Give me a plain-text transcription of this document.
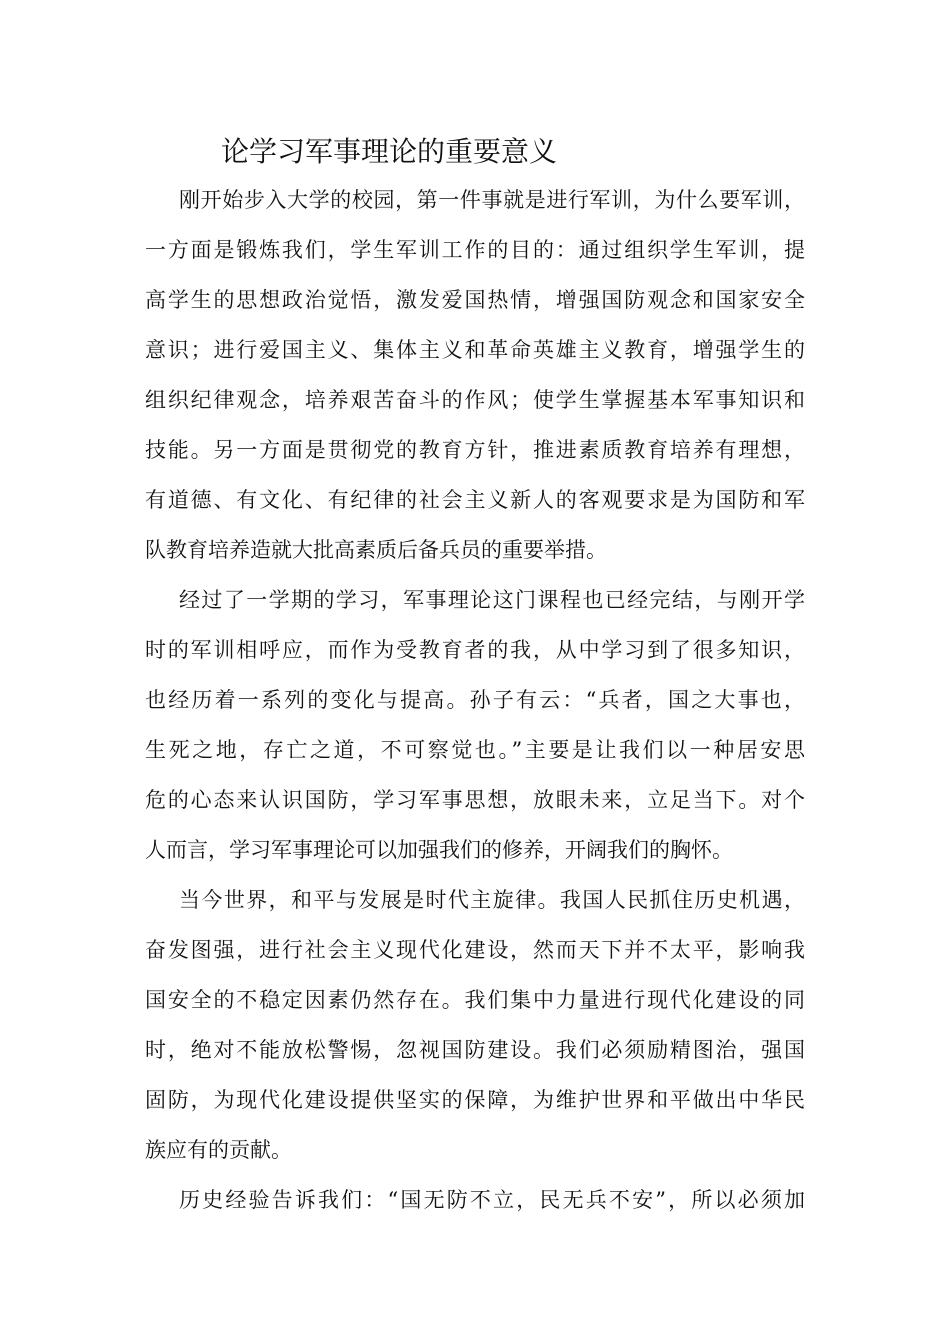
论学习军事理论的重要意义
刚开始步入大学的校园，第一件事就是进行军训，为什么要军训，
一方面是锻炼我们，学生军训工作的目的：通过组织学生军训，提
高学生的思想政治觉悟，激发爱国热情，增强国防观念和国家安全
意识；进行爱国主义、集体主义和革命英雄主义教育，增强学生的
组织纪律观念，培养艰苦奋斗的作风；使学生掌握基本军事知识和
技能。另一方面是贯彻党的教育方针，推进素质教育培养有理想，
有道德、有文化、有纪律的社会主义新人的客观要求是为国防和军
队教育培养造就大批高素质后备兵员的重要举措。
经过了一学期的学习，军事理论这门课程也已经完结，与刚开学
时的军训相呼应，而作为受教育者的我，从中学习到了很多知识，
也经历着一系列的变化与提高。孙子有云：“兵者，国之大事也，
生死之地，存亡之道，不可察觉也。”主要是让我们以一种居安思
危的心态来认识国防，学习军事思想，放眼未来，立足当下。对个
人而言，学习军事理论可以加强我们的修养，开阔我们的胸怀。
当今世界，和平与发展是时代主旋律。我国人民抓住历史机遇，
奋发图强，进行社会主义现代化建设，然而天下并不太平，影响我
国安全的不稳定因素仍然存在。我们集中力量进行现代化建设的同
时，绝对不能放松警惕，忽视国防建设。我们必须励精图治，强国
固防，为现代化建设提供坚实的保障，为维护世界和平做出中华民
族应有的贡献。
历史经验告诉我们：“国无防不立，民无兵不安”，所以必须加
